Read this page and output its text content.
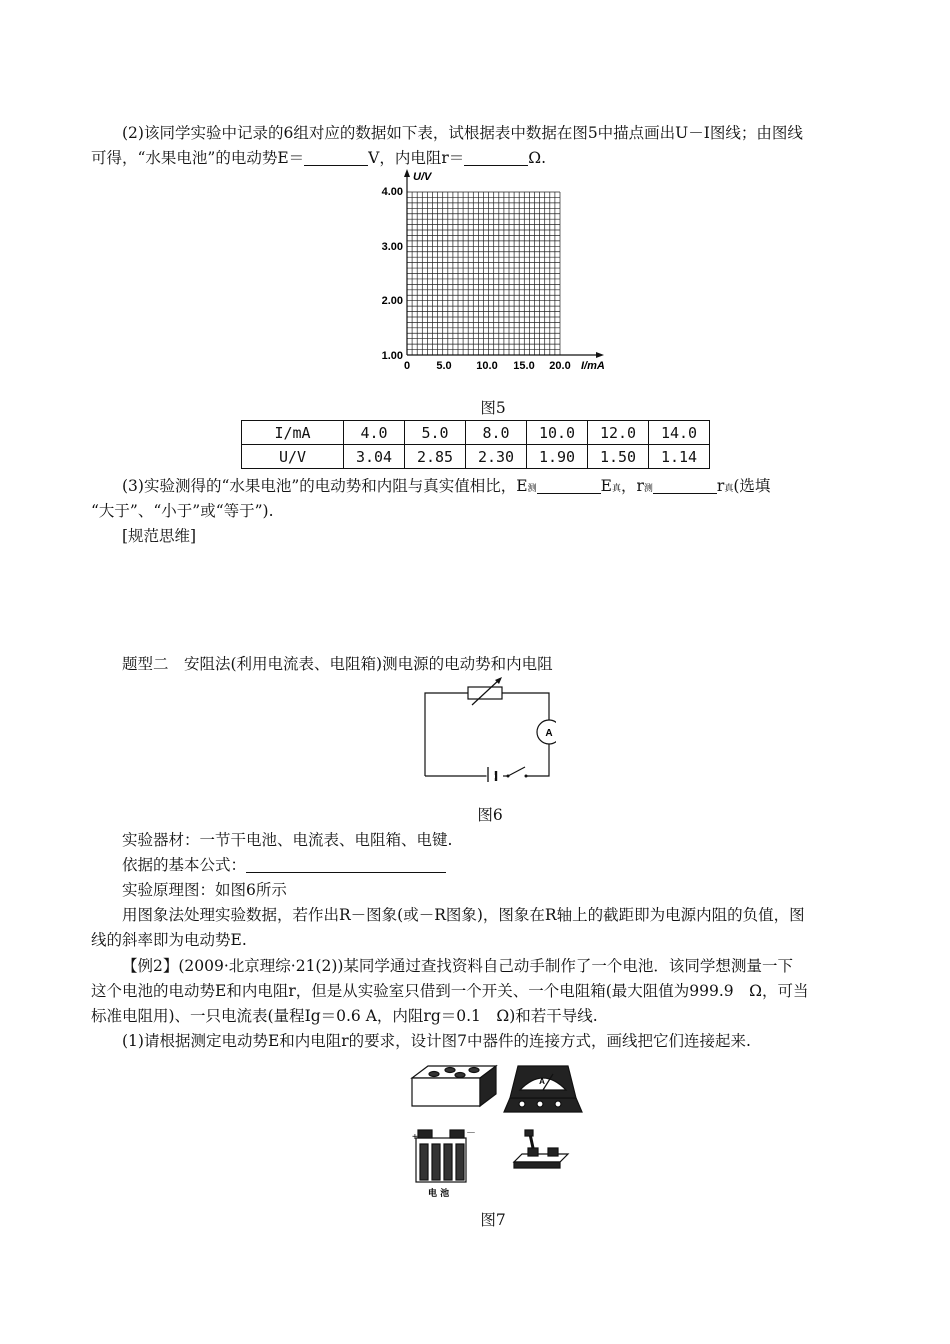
(2)该同学实验中记录的6组对应的数据如下表，试根据表中数据在图5中描点画出U－I图线；由图线
可得，“水果电池”的电动势E＝	V，内电阻r＝	Ω.
U/V
I/mA
4.00
3.00
2.00
1.00
0 5.0 10.0 15.0 20.0
图5
I/mA	4.0	5.0	8.0	10.0	12.0	14.0
U/V	3.04	2.85	2.30	1.90	1.50	1.14
(3)实验测得的“水果电池”的电动势和内阻与真实值相比，E测	E真，r测	r真(选填
“大于”、“小于”或“等于”).
[规范思维]
题型二　安阻法(利用电流表、电阻箱)测电源的电动势和内电阻
A
图6
实验器材：一节干电池、电流表、电阻箱、电键.
依据的基本公式：
实验原理图：如图6所示
用图象法处理实验数据，若作出R－图象(或－R图象)，图象在R轴上的截距即为电源内阻的负值，图
线的斜率即为电动势E.
【例2】(2009·北京理综·21(2))某同学通过查找资料自己动手制作了一个电池．该同学想测量一下
这个电池的电动势E和内电阻r，但是从实验室只借到一个开关、一个电阻箱(最大阻值为999.9　Ω，可当
标准电阻用)、一只电流表(量程Ig＝0.6 A，内阻rg＝0.1　Ω)和若干导线.
(1)请根据测定电动势E和内电阻r的要求，设计图7中器件的连接方式，画线把它们连接起来.
A
+	－
电 池
图7
